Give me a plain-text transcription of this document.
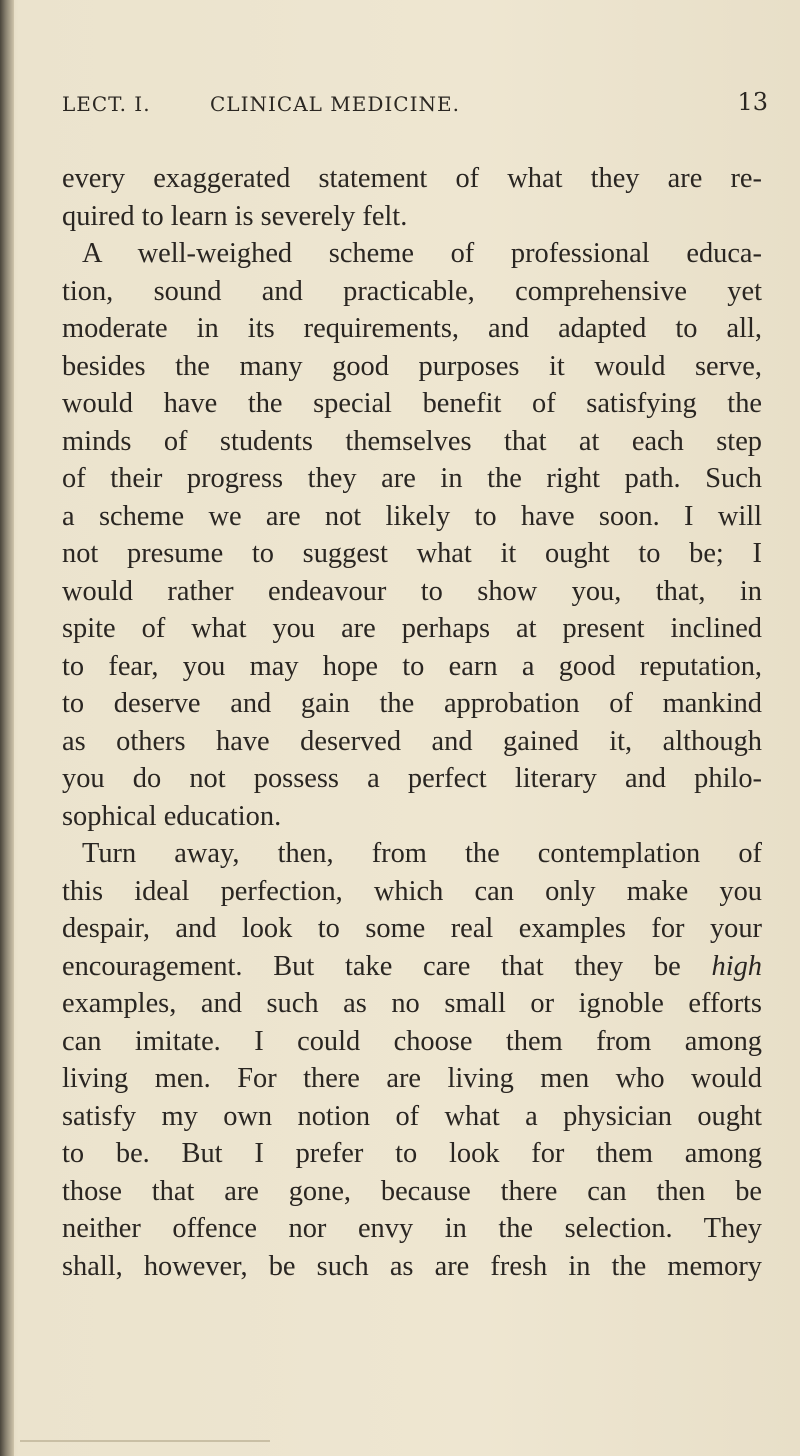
LECT. I.	CLINICAL MEDICINE.	13
every exaggerated statement of what they are re-
quired to learn is severely felt.
A well-weighed scheme of professional educa-
tion, sound and practicable, comprehensive yet
moderate in its requirements, and adapted to all,
besides the many good purposes it would serve,
would have the special benefit of satisfying the
minds of students themselves that at each step
of their progress they are in the right path. Such
a scheme we are not likely to have soon. I will
not presume to suggest what it ought to be; I
would rather endeavour to show you, that, in
spite of what you are perhaps at present inclined
to fear, you may hope to earn a good reputation,
to deserve and gain the approbation of mankind
as others have deserved and gained it, although
you do not possess a perfect literary and philo-
sophical education.
Turn away, then, from the contemplation of
this ideal perfection, which can only make you
despair, and look to some real examples for your
encouragement. But take care that they be high
examples, and such as no small or ignoble efforts
can imitate. I could choose them from among
living men. For there are living men who would
satisfy my own notion of what a physician ought
to be. But I prefer to look for them among
those that are gone, because there can then be
neither offence nor envy in the selection. They
shall, however, be such as are fresh in the memory
